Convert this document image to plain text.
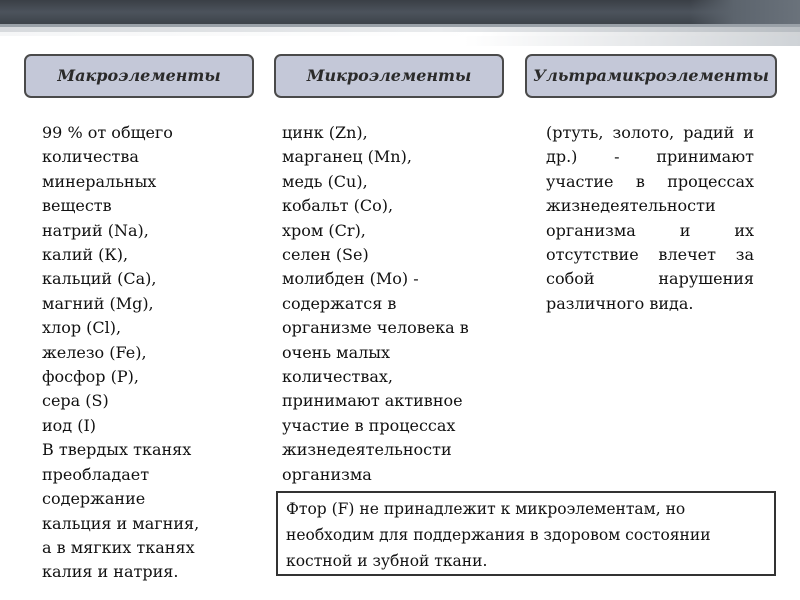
Макроэлементы	Микроэлементы	Ультрамикроэлементы
99 % от общего
количества
минеральных
веществ
натрий (Na),
калий (К),
кальций (Са),
магний (Mg),
хлор (Cl),
железо (Fe),
фосфор (Р),
сера (S)
иод (I)
В твердых тканях
преобладает
содержание
кальция и магния,
а в мягких тканях
калия и натрия.
цинк (Zn),
марганец (Mn),
медь (Cu),
кобальт (Со),
хром (Cr),
селен (Se)
молибден (Мо) -
содержатся в
организме человека в
очень малых
количествах,
принимают активное
участие в процессах
жизнедеятельности
организма
(ртуть, золото, радий и др.) - принимают участие в процессах жизнедеятельности организма и их отсутствие влечет за собой нарушения различного вида.
Фтор (F) не принадлежит к микроэлементам, но необходим для поддержания в здоровом состоянии костной и зубной ткани.
